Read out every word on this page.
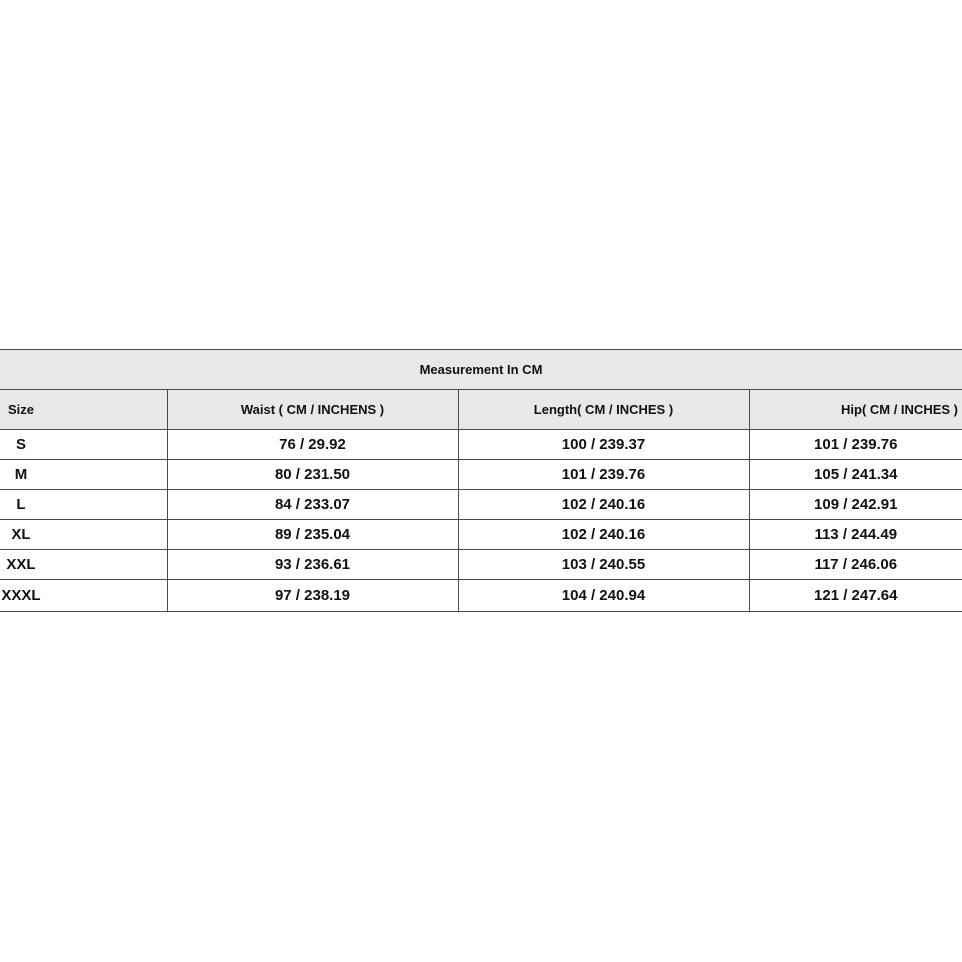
Measurement In CM			
Size	Waist ( CM / INCHENS )	Length( CM / INCHES )	Hip( CM / INCHES )
S	76 / 29.92	100 / 239.37	101 / 239.76
M	80 / 231.50	101 / 239.76	105 / 241.34
L	84 / 233.07	102 / 240.16	109 / 242.91
XL	89 / 235.04	102 / 240.16	113 / 244.49
XXL	93 / 236.61	103 / 240.55	117 / 246.06
XXXL	97 / 238.19	104 / 240.94	121 / 247.64
